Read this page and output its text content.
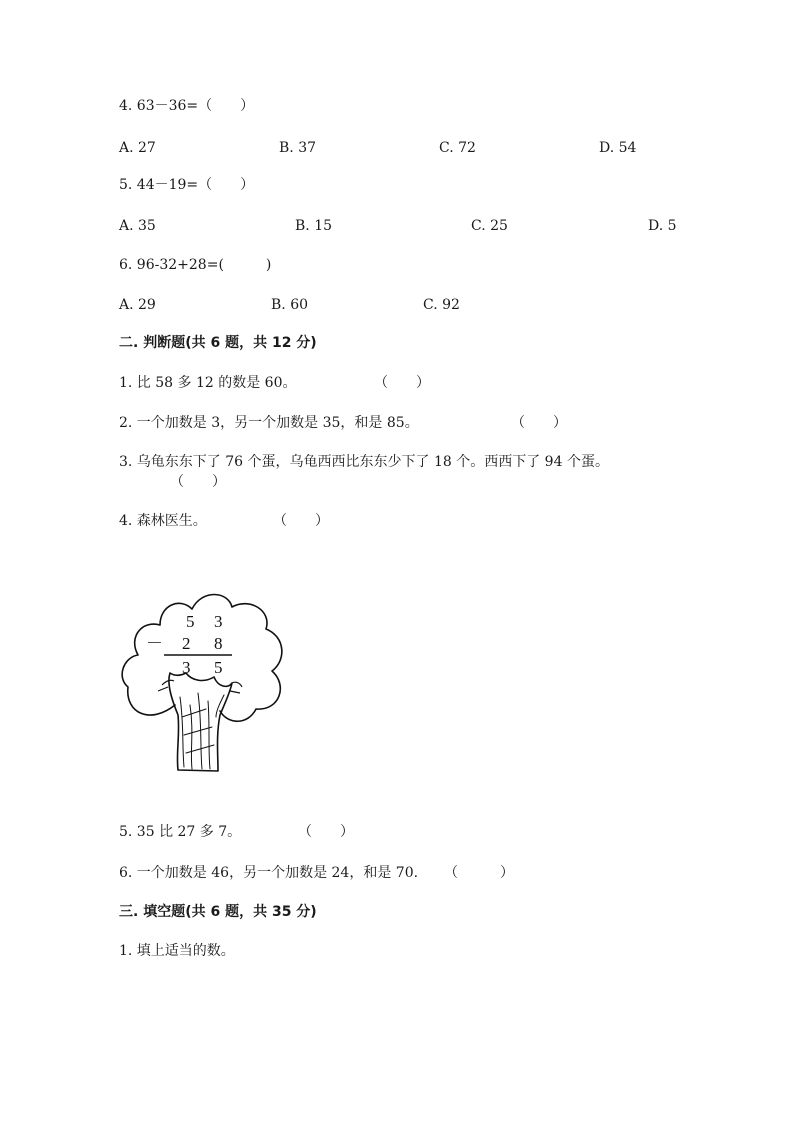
4. 63－36=（　　）
A. 27	B. 37	C. 72	D. 54
5. 44－19=（　　）
A. 35	B. 15	C. 25	D. 5
6. 96-32+28=(　　　)
A. 29	B. 60	C. 92
二. 判断题(共 6 题，共 12 分)
1. 比 58 多 12 的数是 60。	（　　）
2. 一个加数是 3，另一个加数是 35，和是 85。	（　　）
3. 乌龟东东下了 76 个蛋，乌龟西西比东东少下了 18 个。西西下了 94 个蛋。
（　　）
4. 森林医生。	（　　）
5 3
－ 2 8
3 5
5. 35 比 27 多 7。	（　　）
6. 一个加数是 46，另一个加数是 24，和是 70. （　　　）
三. 填空题(共 6 题，共 35 分)
1. 填上适当的数。
